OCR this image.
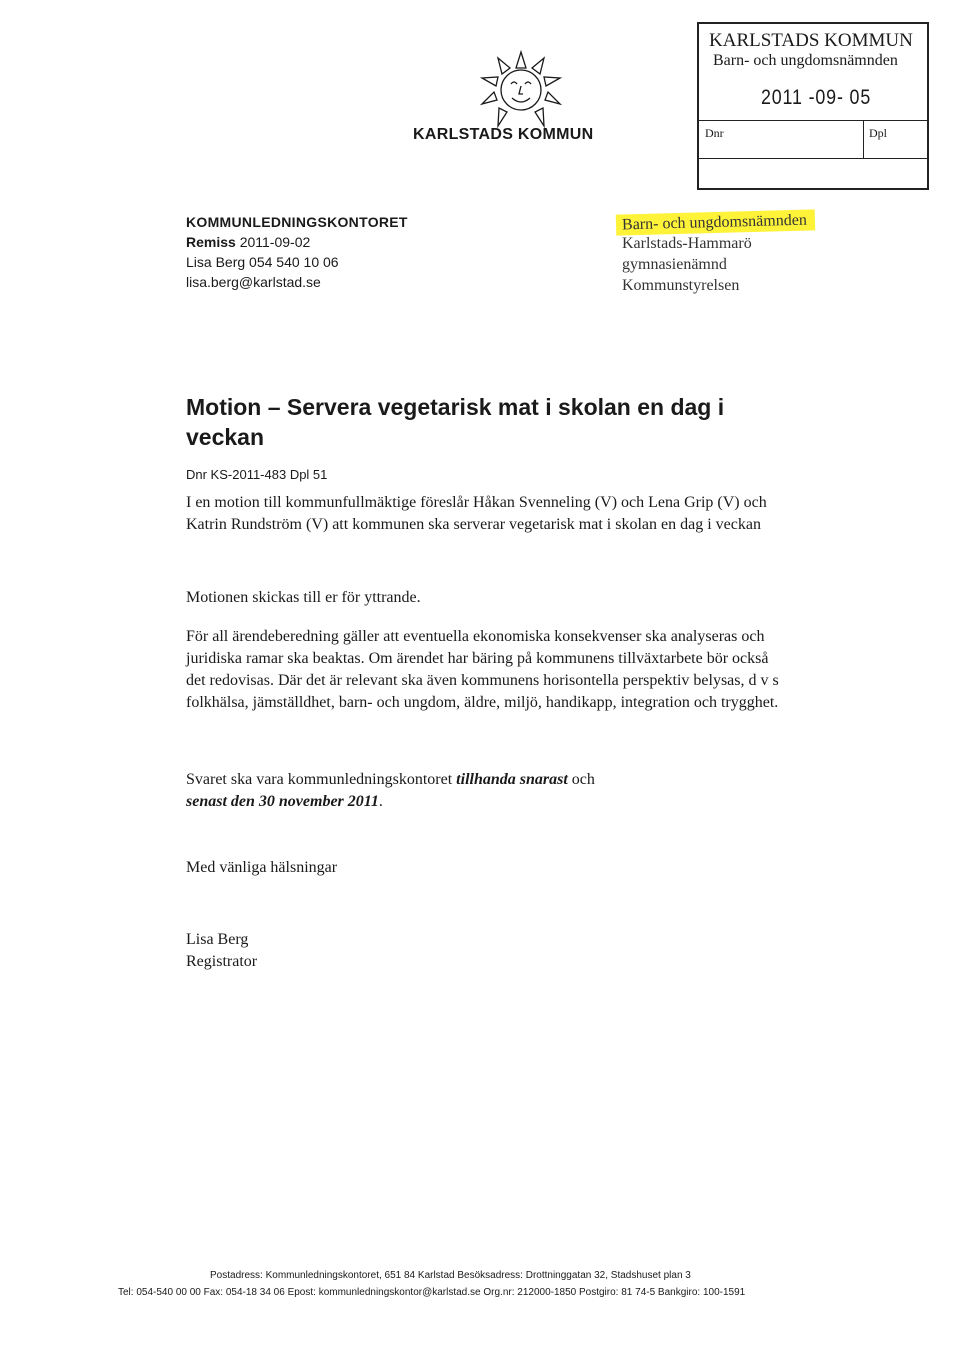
KARLSTADS KOMMUN
KARLSTADS KOMMUN
Barn- och ungdomsnämnden
2011 -09- 05
Dnr	Dpl
KOMMUNLEDNINGSKONTORET
Remiss 2011-09-02
Lisa Berg 054 540 10 06
lisa.berg@karlstad.se
Barn- och ungdomsnämnden
Karlstads-Hammarö
gymnasienämnd
Kommunstyrelsen
Motion – Servera vegetarisk mat i skolan en dag i veckan
Dnr KS-2011-483 Dpl 51
I en motion till kommunfullmäktige föreslår Håkan Svenneling (V) och Lena Grip (V) och Katrin Rundström (V) att kommunen ska serverar vegetarisk mat i skolan en dag i veckan
Motionen skickas till er för yttrande.
För all ärendeberedning gäller att eventuella ekonomiska konsekvenser ska analyseras och juridiska ramar ska beaktas. Om ärendet har bäring på kommunens tillväxtarbete bör också det redovisas. Där det är relevant ska även kommunens horisontella perspektiv belysas, d v s folkhälsa, jämställdhet, barn- och ungdom, äldre, miljö, handikapp, integration och trygghet.
Svaret ska vara kommunledningskontoret tillhanda snarast och
senast den 30 november 2011.
Med vänliga hälsningar
Lisa Berg
Registrator
Postadress: Kommunledningskontoret, 651 84 Karlstad Besöksadress: Drottninggatan 32, Stadshuset plan 3
Tel: 054-540 00 00 Fax: 054-18 34 06 Epost: kommunledningskontor@karlstad.se Org.nr: 212000-1850 Postgiro: 81 74-5 Bankgiro: 100-1591
